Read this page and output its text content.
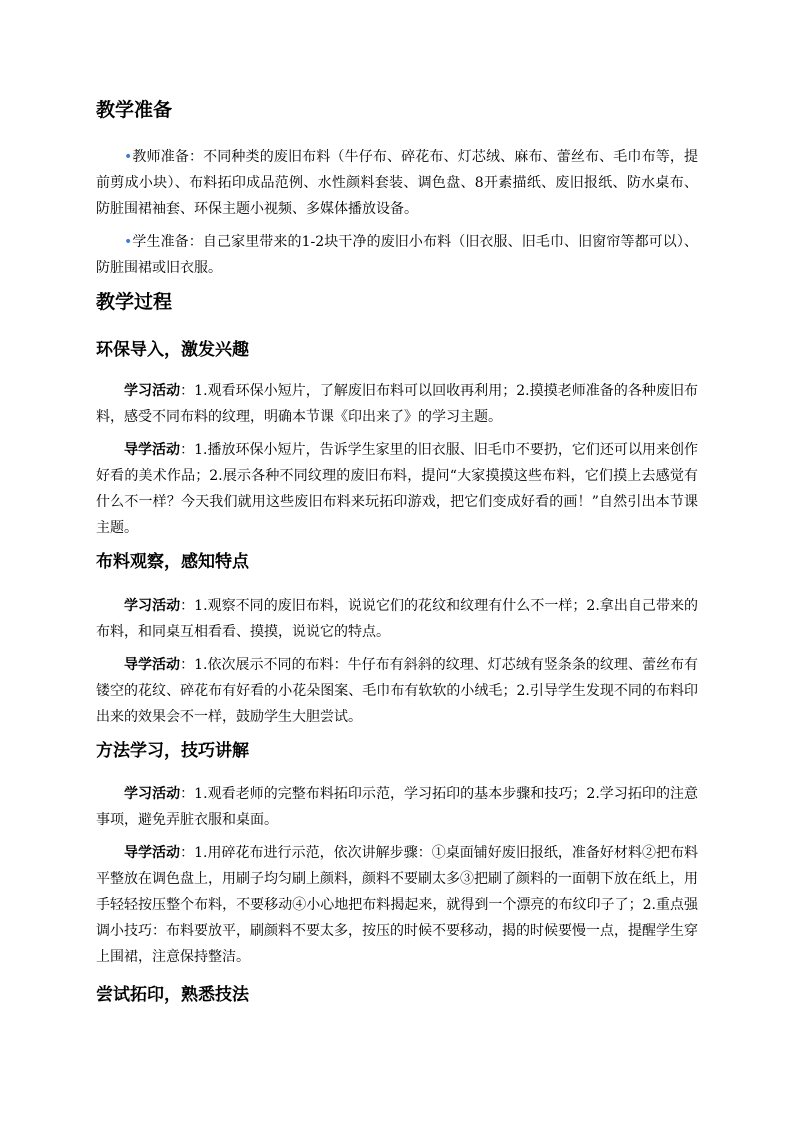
教学准备

•教师准备：不同种类的废旧布料（牛仔布、碎花布、灯芯绒、麻布、蕾丝布、毛巾布等，提前剪成小块）、布料拓印成品范例、水性颜料套装、调色盘、8开素描纸、废旧报纸、防水桌布、防脏围裙袖套、环保主题小视频、多媒体播放设备。

•学生准备：自己家里带来的1-2块干净的废旧小布料（旧衣服、旧毛巾、旧窗帘等都可以）、防脏围裙或旧衣服。

教学过程
环保导入，激发兴趣

学习活动：1.观看环保小短片，了解废旧布料可以回收再利用；2.摸摸老师准备的各种废旧布料，感受不同布料的纹理，明确本节课《印出来了》的学习主题。

导学活动：1.播放环保小短片，告诉学生家里的旧衣服、旧毛巾不要扔，它们还可以用来创作好看的美术作品；2.展示各种不同纹理的废旧布料，提问“大家摸摸这些布料，它们摸上去感觉有什么不一样？今天我们就用这些废旧布料来玩拓印游戏，把它们变成好看的画！”自然引出本节课主题。

布料观察，感知特点

学习活动：1.观察不同的废旧布料，说说它们的花纹和纹理有什么不一样；2.拿出自己带来的布料，和同桌互相看看、摸摸，说说它的特点。

导学活动：1.依次展示不同的布料：牛仔布有斜斜的纹理、灯芯绒有竖条条的纹理、蕾丝布有镂空的花纹、碎花布有好看的小花朵图案、毛巾布有软软的小绒毛；2.引导学生发现不同的布料印出来的效果会不一样，鼓励学生大胆尝试。

方法学习，技巧讲解

学习活动：1.观看老师的完整布料拓印示范，学习拓印的基本步骤和技巧；2.学习拓印的注意事项，避免弄脏衣服和桌面。

导学活动：1.用碎花布进行示范，依次讲解步骤：①桌面铺好废旧报纸，准备好材料②把布料平整放在调色盘上，用刷子均匀刷上颜料，颜料不要刷太多③把刷了颜料的一面朝下放在纸上，用手轻轻按压整个布料，不要移动④小心地把布料揭起来，就得到一个漂亮的布纹印子了；2.重点强调小技巧：布料要放平，刷颜料不要太多，按压的时候不要移动，揭的时候要慢一点，提醒学生穿上围裙，注意保持整洁。

尝试拓印，熟悉技法
